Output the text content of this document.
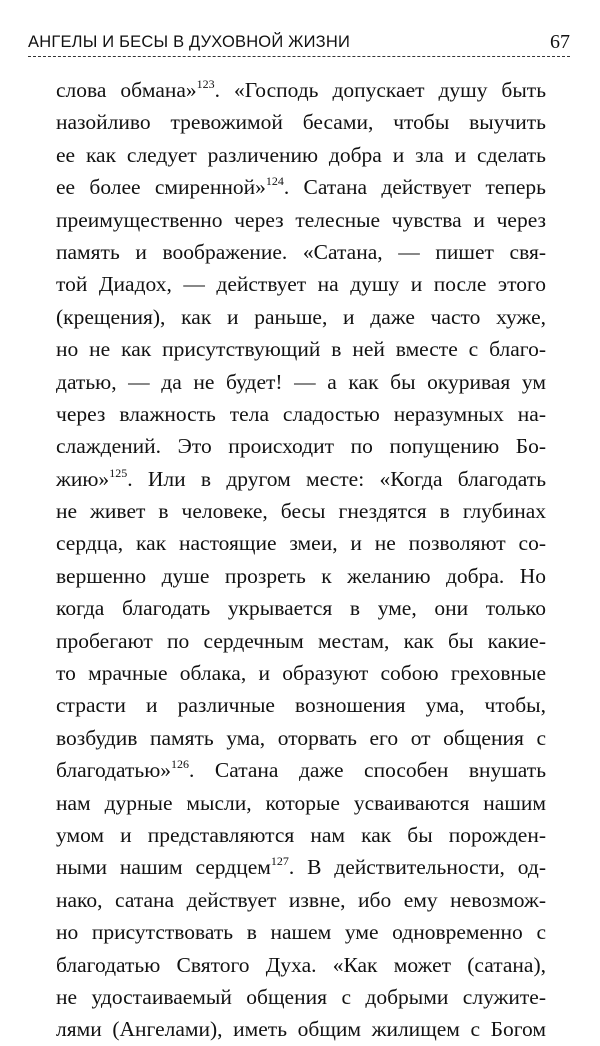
АНГЕЛЫ И БЕСЫ В ДУХОВНОЙ ЖИЗНИ	67
слова обмана»$^{123}$. «Господь допускает душу быть
назойливо тревожимой бесами, чтобы выучить
ее как следует различению добра и зла и сделать
ее более смиренной»$^{124}$. Сатана действует теперь
преимущественно через телесные чувства и через
память и воображение. «Сатана, — пишет свя-
той Диадох, — действует на душу и после этого
(крещения), как и раньше, и даже часто хуже,
но не как присутствующий в ней вместе с благо-
датью, — да не будет! — а как бы окуривая ум
через влажность тела сладостью неразумных на-
слаждений. Это происходит по попущению Бо-
жию»$^{125}$. Или в другом месте: «Когда благодать
не живет в человеке, бесы гнездятся в глубинах
сердца, как настоящие змеи, и не позволяют со-
вершенно душе прозреть к желанию добра. Но
когда благодать укрывается в уме, они только
пробегают по сердечным местам, как бы какие-
то мрачные облака, и образуют собою греховные
страсти и различные возношения ума, чтобы,
возбудив память ума, оторвать его от общения с
благодатью»$^{126}$. Сатана даже способен внушать
нам дурные мысли, которые усваиваются нашим
умом и представляются нам как бы порожден-
ными нашим сердцем$^{127}$. В действительности, од-
нако, сатана действует извне, ибо ему невозмож-
но присутствовать в нашем уме одновременно с
благодатью Святого Духа. «Как может (сатана),
не удостаиваемый общения с добрыми служите-
лями (Ангелами), иметь общим жилищем с Богом
